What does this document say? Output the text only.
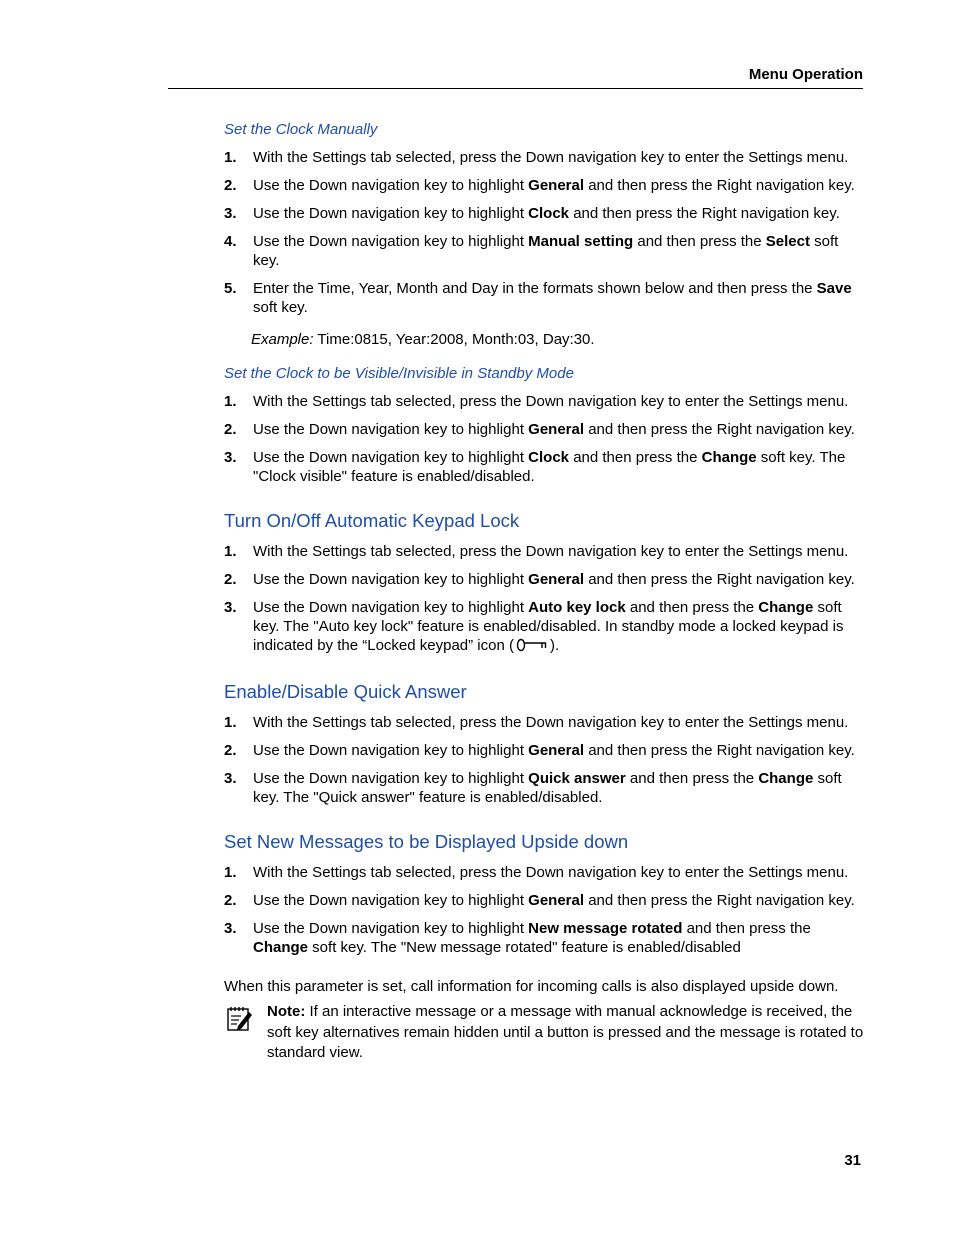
Menu Operation
Set the Clock Manually
1. With the Settings tab selected, press the Down navigation key to enter the Settings menu.
2. Use the Down navigation key to highlight General and then press the Right navigation key.
3. Use the Down navigation key to highlight Clock and then press the Right navigation key.
4. Use the Down navigation key to highlight Manual setting and then press the Select soft key.
5. Enter the Time, Year, Month and Day in the formats shown below and then press the Save soft key.
Example: Time:0815, Year:2008, Month:03, Day:30.
Set the Clock to be Visible/Invisible in Standby Mode
1. With the Settings tab selected, press the Down navigation key to enter the Settings menu.
2. Use the Down navigation key to highlight General and then press the Right navigation key.
3. Use the Down navigation key to highlight Clock and then press the Change soft key. The "Clock visible" feature is enabled/disabled.
Turn On/Off Automatic Keypad Lock
1. With the Settings tab selected, press the Down navigation key to enter the Settings menu.
2. Use the Down navigation key to highlight General and then press the Right navigation key.
3. Use the Down navigation key to highlight Auto key lock and then press the Change soft key. The "Auto key lock" feature is enabled/disabled. In standby mode a locked keypad is indicated by the “Locked keypad” icon ( ).
Enable/Disable Quick Answer
1. With the Settings tab selected, press the Down navigation key to enter the Settings menu.
2. Use the Down navigation key to highlight General and then press the Right navigation key.
3. Use the Down navigation key to highlight Quick answer and then press the Change soft key. The "Quick answer" feature is enabled/disabled.
Set New Messages to be Displayed Upside down
1. With the Settings tab selected, press the Down navigation key to enter the Settings menu.
2. Use the Down navigation key to highlight General and then press the Right navigation key.
3. Use the Down navigation key to highlight New message rotated and then press the Change soft key. The "New message rotated" feature is enabled/disabled
When this parameter is set, call information for incoming calls is also displayed upside down.
Note: If an interactive message or a message with manual acknowledge is received, the soft key alternatives remain hidden until a button is pressed and the message is rotated to standard view.
31
